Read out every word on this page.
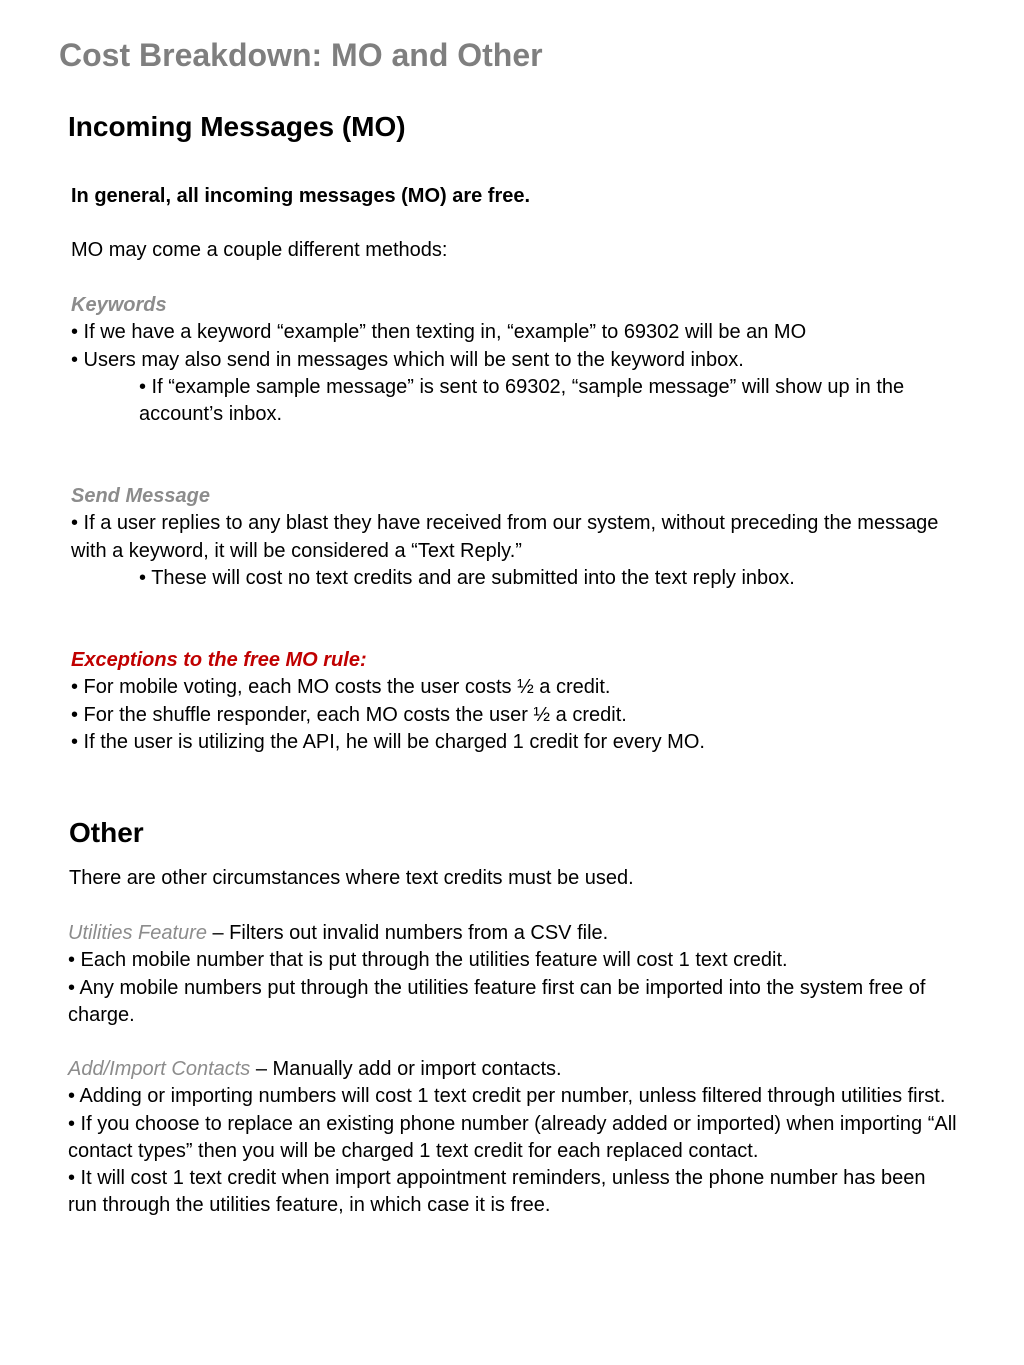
Cost Breakdown: MO and Other
Incoming Messages (MO)

In general, all incoming messages (MO) are free.

MO may come a couple different methods:

Keywords

• If we have a keyword “example” then texting in, “example” to 69302 will be an MO

• Users may also send in messages which will be sent to the keyword inbox.

• If “example sample message” is sent to 69302, “sample message” will show up in the account’s inbox.

Send Message

• If a user replies to any blast they have received from our system, without preceding the message with a keyword, it will be considered a “Text Reply.”

• These will cost no text credits and are submitted into the text reply inbox.

Exceptions to the free MO rule:

• For mobile voting, each MO costs the user costs ½ a credit.

• For the shuffle responder, each MO costs the user ½ a credit.

• If the user is utilizing the API, he will be charged 1 credit for every MO.

Other

There are other circumstances where text credits must be used.

Utilities Feature – Filters out invalid numbers from a CSV file.

• Each mobile number that is put through the utilities feature will cost 1 text credit.

• Any mobile numbers put through the utilities feature first can be imported into the system free of charge.

Add/Import Contacts – Manually add or import contacts.

• Adding or importing numbers will cost 1 text credit per number, unless filtered through utilities first.

• If you choose to replace an existing phone number (already added or imported) when importing “All contact types” then you will be charged 1 text credit for each replaced contact.

• It will cost 1 text credit when import appointment reminders, unless the phone number has been run through the utilities feature, in which case it is free.
